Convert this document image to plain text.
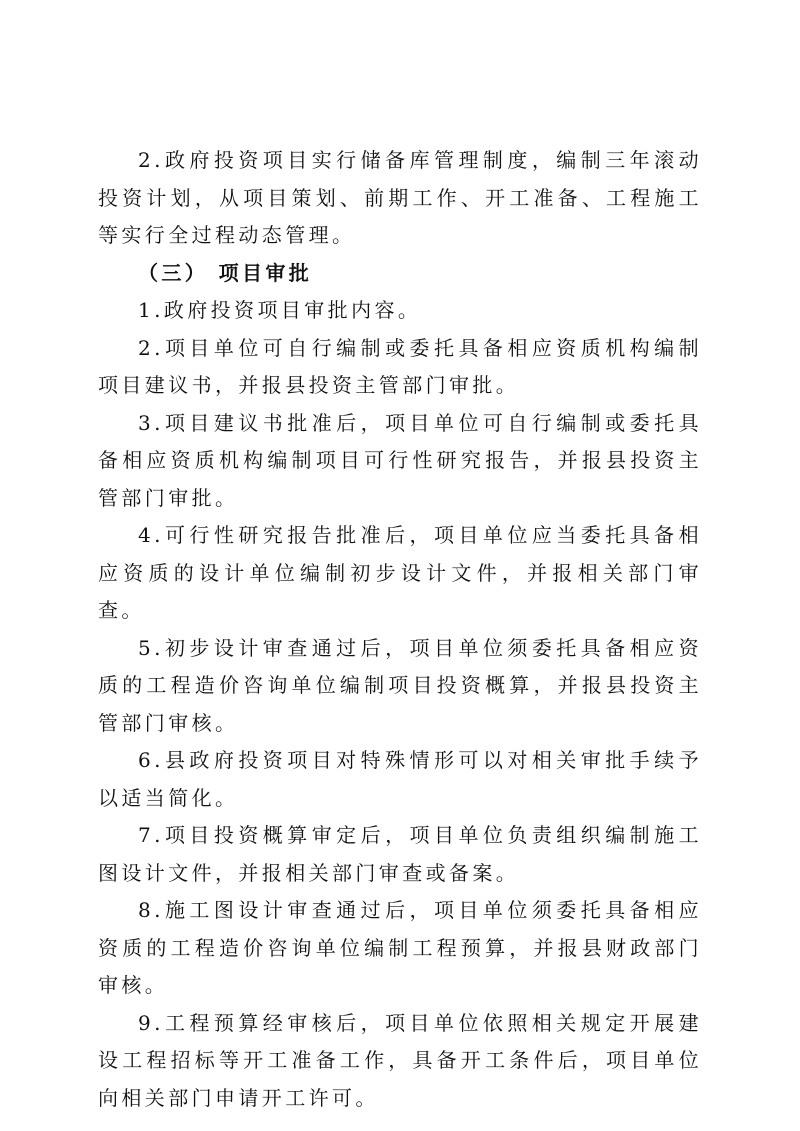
2.政府投资项目实行储备库管理制度，编制三年滚动投资计划，从项目策划、前期工作、开工准备、工程施工等实行全过程动态管理。

（三） 项目审批

1.政府投资项目审批内容。

2.项目单位可自行编制或委托具备相应资质机构编制项目建议书，并报县投资主管部门审批。

3.项目建议书批准后，项目单位可自行编制或委托具备相应资质机构编制项目可行性研究报告，并报县投资主管部门审批。

4.可行性研究报告批准后，项目单位应当委托具备相应资质的设计单位编制初步设计文件，并报相关部门审查。

5.初步设计审查通过后，项目单位须委托具备相应资质的工程造价咨询单位编制项目投资概算，并报县投资主管部门审核。

6.县政府投资项目对特殊情形可以对相关审批手续予以适当简化。

7.项目投资概算审定后，项目单位负责组织编制施工图设计文件，并报相关部门审查或备案。

8.施工图设计审查通过后，项目单位须委托具备相应资质的工程造价咨询单位编制工程预算，并报县财政部门审核。

9.工程预算经审核后，项目单位依照相关规定开展建设工程招标等开工准备工作，具备开工条件后，项目单位向相关部门申请开工许可。
